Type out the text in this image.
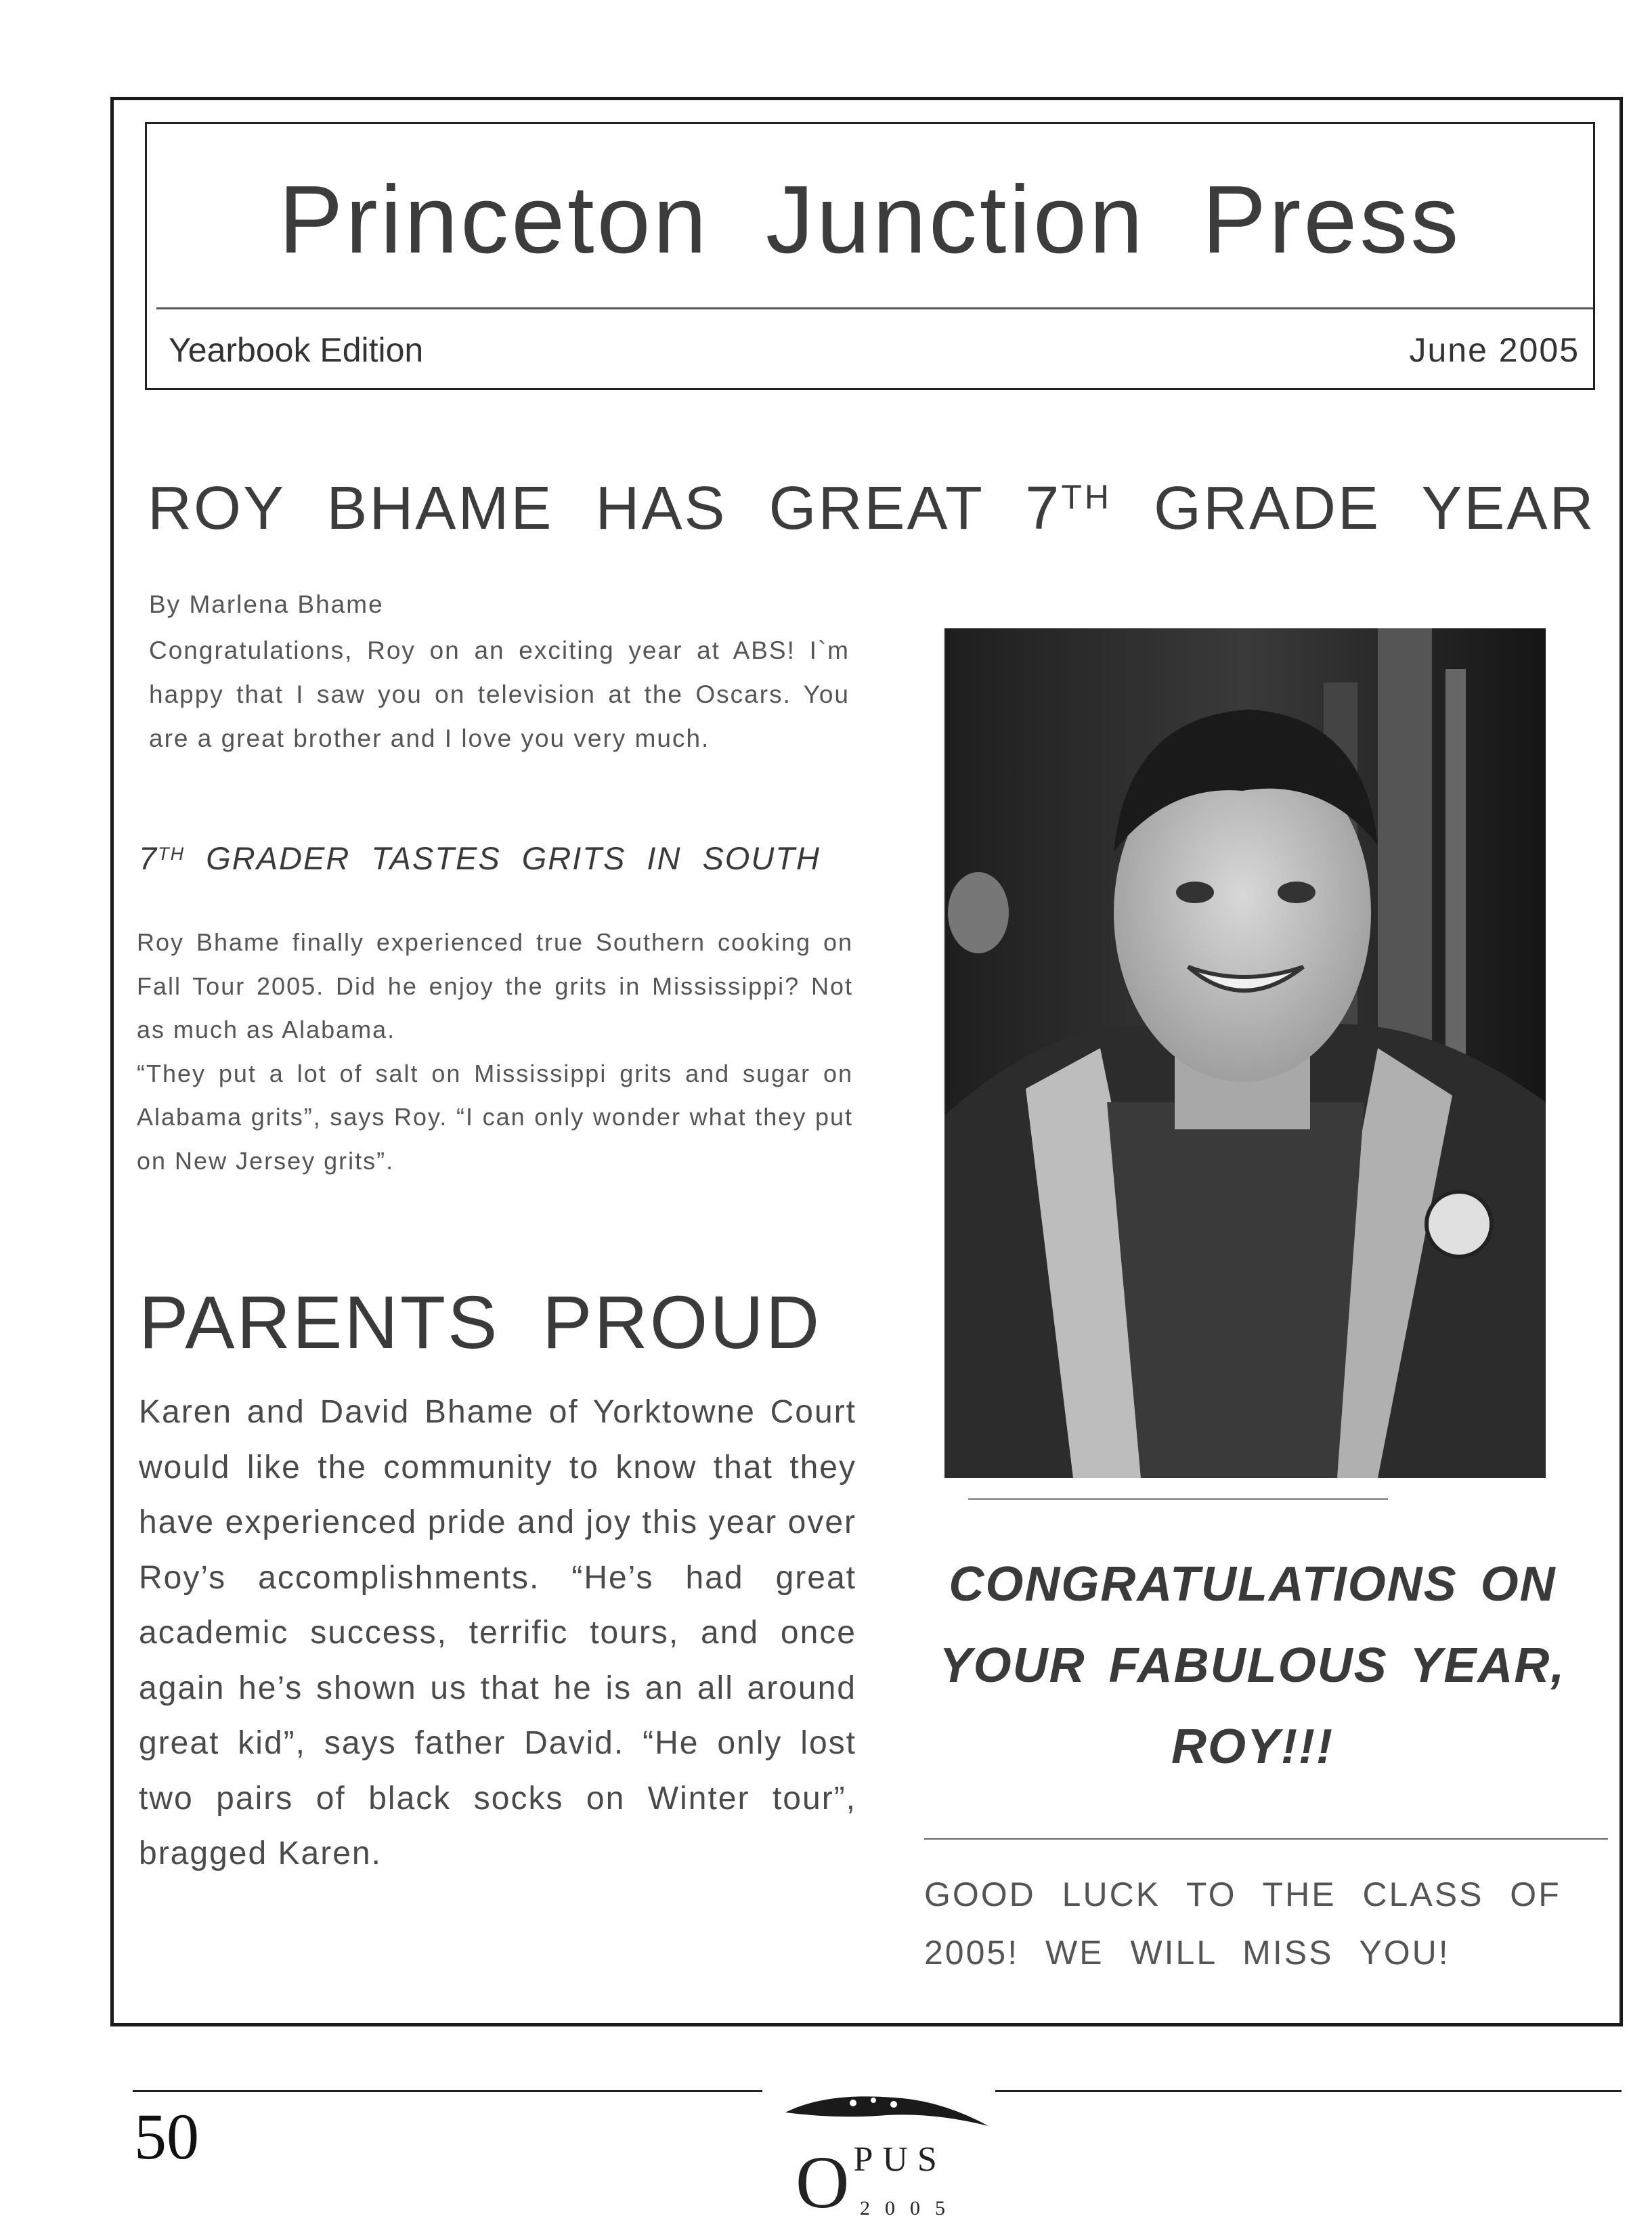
Princeton Junction Press
Yearbook Edition	June 2005
ROY BHAME HAS GREAT 7TH GRADE YEAR
By Marlena Bhame
Congratulations, Roy on an exciting year at ABS! I`m happy that I saw you on television at the Oscars. You are a great brother and I love you very much.
7TH GRADER TASTES GRITS IN SOUTH
Roy Bhame finally experienced true Southern cooking on Fall Tour 2005. Did he enjoy the grits in Mississippi? Not as much as Alabama.
“They put a lot of salt on Mississippi grits and sugar on Alabama grits”, says Roy. “I can only wonder what they put on New Jersey grits”.
PARENTS PROUD
Karen and David Bhame of Yorktowne Court would like the community to know that they have experienced pride and joy this year over Roy’s accomplishments. “He’s had great academic success, terrific tours, and once again he’s shown us that he is an all around great kid”, says father David. “He only lost two pairs of black socks on Winter tour”, bragged Karen.
CONGRATULATIONS ON YOUR FABULOUS YEAR, ROY!!!
GOOD LUCK TO THE CLASS OF 2005! WE WILL MISS YOU!
50
$O^{PUS}$
2005
